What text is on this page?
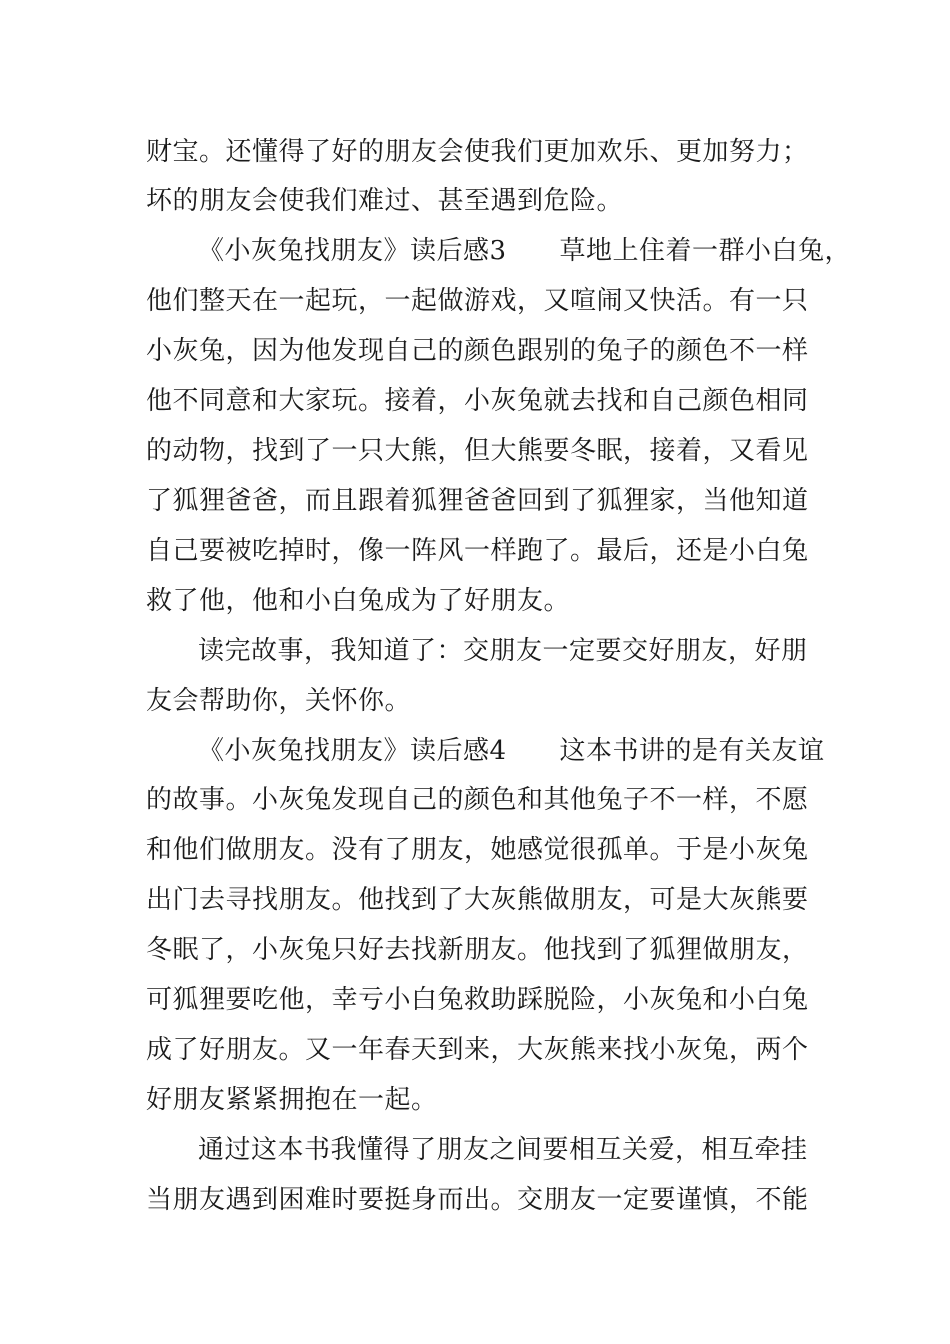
财宝。还懂得了好的朋友会使我们更加欢乐、更加努力；
坏的朋友会使我们难过、甚至遇到危险。
《小灰兔找朋友》读后感3　　草地上住着一群小白兔，
他们整天在一起玩，一起做游戏，又喧闹又快活。有一只
小灰兔，因为他发现自己的颜色跟别的兔子的颜色不一样
他不同意和大家玩。接着，小灰兔就去找和自己颜色相同
的动物，找到了一只大熊，但大熊要冬眠，接着，又看见
了狐狸爸爸，而且跟着狐狸爸爸回到了狐狸家，当他知道
自己要被吃掉时，像一阵风一样跑了。最后，还是小白兔
救了他，他和小白兔成为了好朋友。
读完故事，我知道了：交朋友一定要交好朋友，好朋
友会帮助你，关怀你。
《小灰兔找朋友》读后感4　　这本书讲的是有关友谊
的故事。小灰兔发现自己的颜色和其他兔子不一样，不愿
和他们做朋友。没有了朋友，她感觉很孤单。于是小灰兔
出门去寻找朋友。他找到了大灰熊做朋友，可是大灰熊要
冬眠了，小灰兔只好去找新朋友。他找到了狐狸做朋友，
可狐狸要吃他，幸亏小白兔救助踩脱险，小灰兔和小白兔
成了好朋友。又一年春天到来，大灰熊来找小灰兔，两个
好朋友紧紧拥抱在一起。
通过这本书我懂得了朋友之间要相互关爱，相互牵挂
当朋友遇到困难时要挺身而出。交朋友一定要谨慎，不能
